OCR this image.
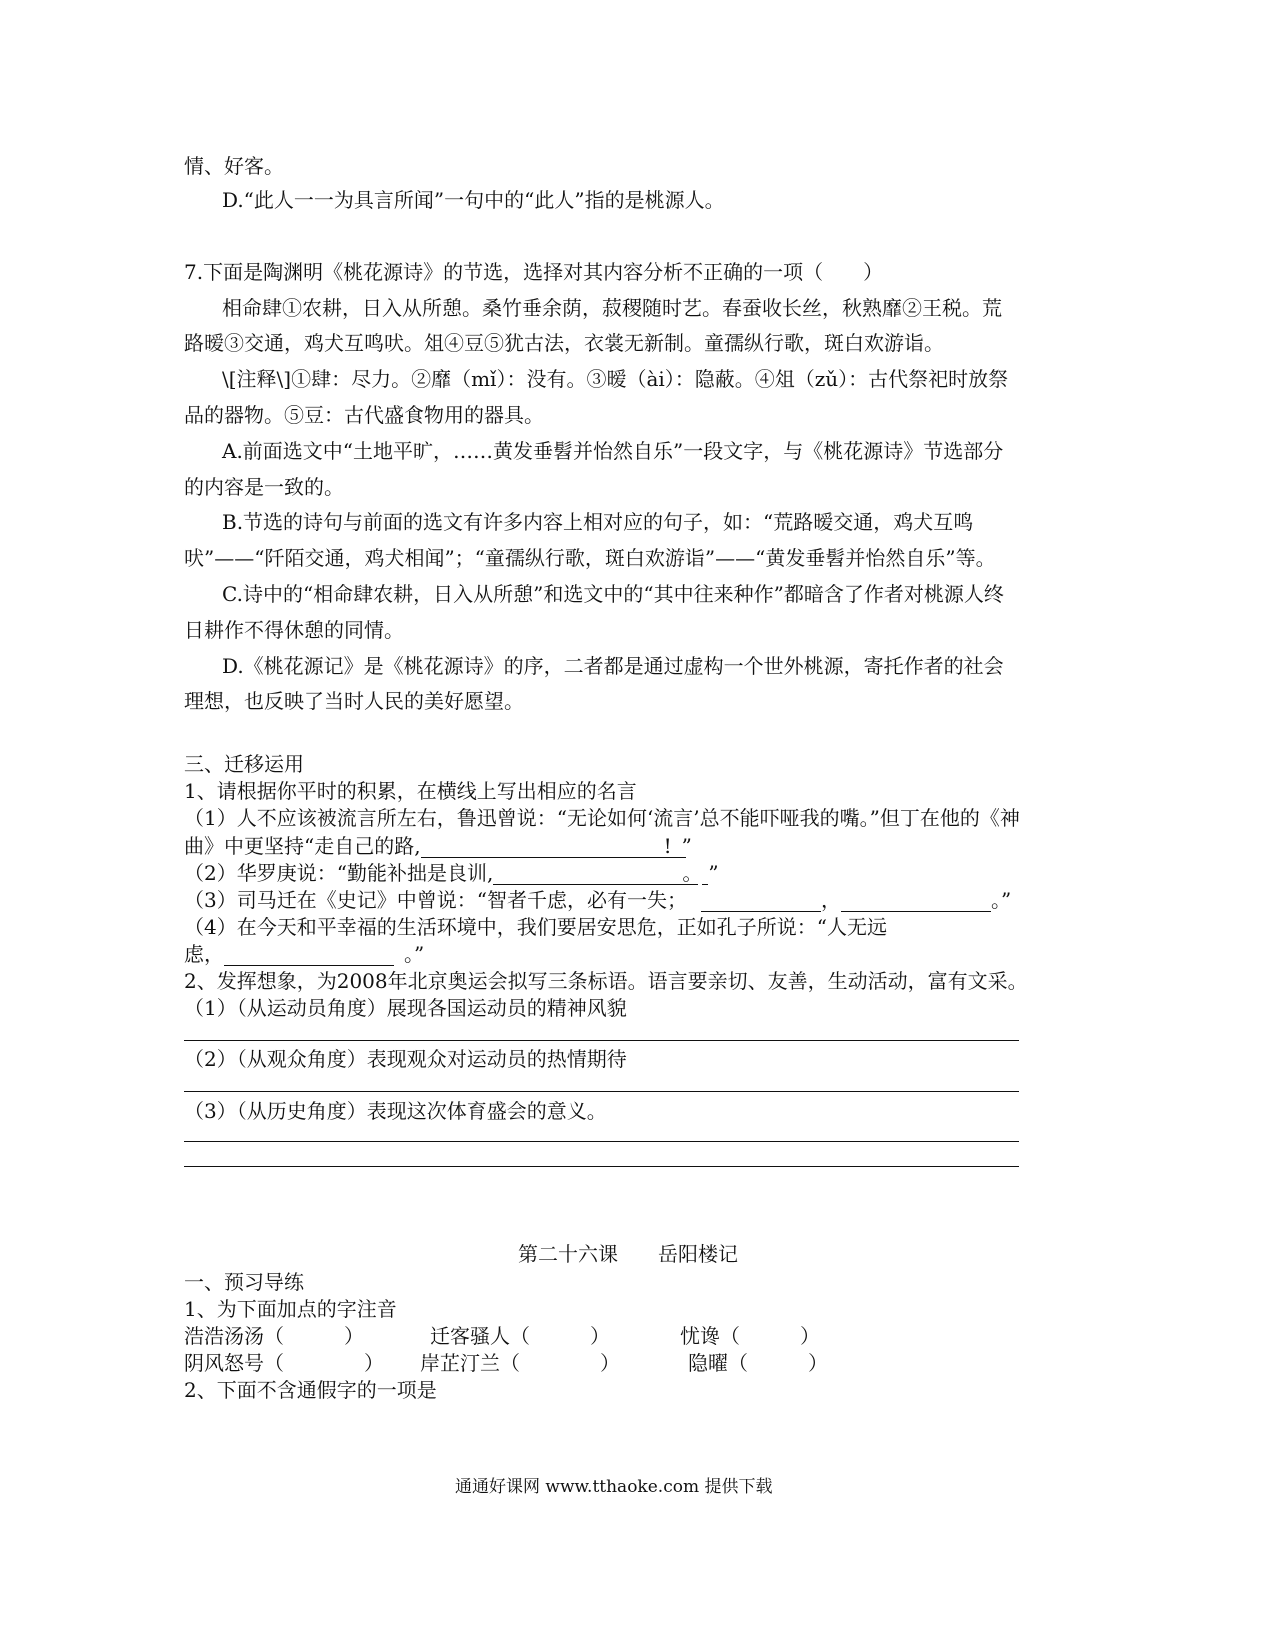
情、好客。
D.“此人一一为具言所闻”一句中的“此人”指的是桃源人。
7.下面是陶渊明《桃花源诗》的节选，选择对其内容分析不正确的一项（　　）
相命肆①农耕，日入从所憩。桑竹垂余荫，菽稷随时艺。春蚕收长丝，秋熟靡②王税。荒
路暧③交通，鸡犬互鸣吠。俎④豆⑤犹古法，衣裳无新制。童孺纵行歌，斑白欢游诣。
\[注释\]①肆：尽力。②靡（mǐ）：没有。③暧（ài）：隐蔽。④俎（zǔ）：古代祭祀时放祭
品的器物。⑤豆：古代盛食物用的器具。
A.前面选文中“土地平旷，……黄发垂髫并怡然自乐”一段文字，与《桃花源诗》节选部分
的内容是一致的。
B.节选的诗句与前面的选文有许多内容上相对应的句子，如：“荒路暧交通，鸡犬互鸣
吠”——“阡陌交通，鸡犬相闻”；“童孺纵行歌，斑白欢游诣”——“黄发垂髫并怡然自乐”等。
C.诗中的“相命肆农耕，日入从所憩”和选文中的“其中往来种作”都暗含了作者对桃源人终
日耕作不得休憩的同情。
D.《桃花源记》是《桃花源诗》的序，二者都是通过虚构一个世外桃源，寄托作者的社会
理想，也反映了当时人民的美好愿望。
三、迁移运用
1、请根据你平时的积累，在横线上写出相应的名言
（1）人不应该被流言所左右，鲁迅曾说：“无论如何‘流言’总不能吓哑我的嘴。”但丁在他的《神
曲》中更坚持“走自己的路,	! ”
（2）华罗庚说：“勤能补拙是良训,	。 ”
（3）司马迁在《史记》中曾说：“智者千虑，必有一失；	，	。”
（4）在今天和平幸福的生活环境中，我们要居安思危，正如孔子所说：“人无远
虑，	。”
2、发挥想象，为2008年北京奥运会拟写三条标语。语言要亲切、友善，生动活动，富有文采。
（1）（从运动员角度）展现各国运动员的精神风貌
（2）（从观众角度）表现观众对运动员的热情期待
（3）（从历史角度）表现这次体育盛会的意义。
第二十六课　　岳阳楼记
一、预习导练
1、为下面加点的字注音
浩浩汤汤（　　　）	迁客骚人（　　　）	忧谗（　　　）
阴风怒号（　　　　） 岸芷汀兰（　　　　）	隐曜（　　　）
2、下面不含通假字的一项是
通通好课网 www.tthaoke.com 提供下载
